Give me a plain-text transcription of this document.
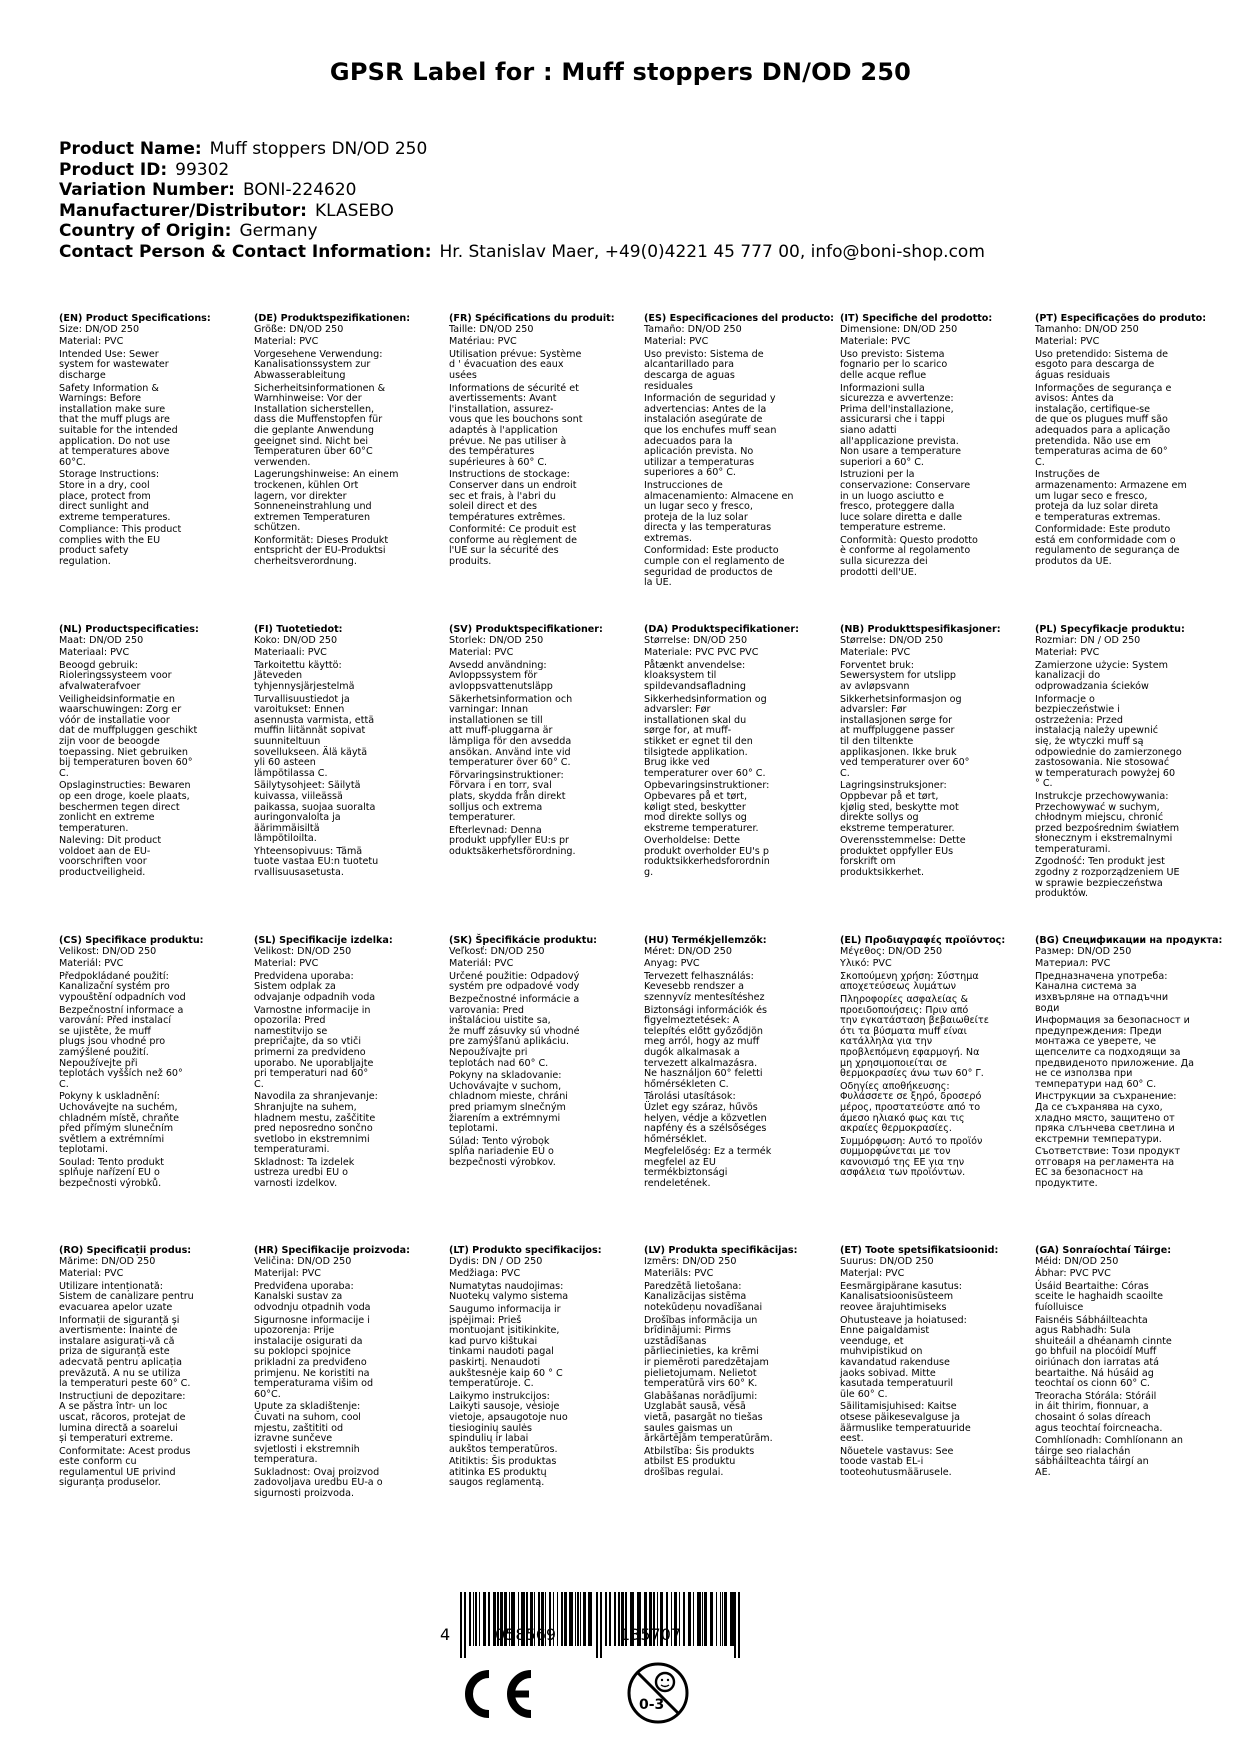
GPSR Label for : Muff stoppers DN/OD 250
Product Name: Muff stoppers DN/OD 250
Product ID: 99302
Variation Number: BONI-224620
Manufacturer/Distributor: KLASEBO
Country of Origin: Germany
Contact Person & Contact Information: Hr. Stanislav Maer, +49(0)4221 45 777 00, info@boni-shop.com
(EN) Product Specifications:
Size: DN/OD 250
Material: PVC
Intended Use: Sewer
system for wastewater
discharge
Safety Information &
Warnings: Before
installation make sure
that the muff plugs are
suitable for the intended
application. Do not use
at temperatures above
60°C.
Storage Instructions:
Store in a dry, cool
place, protect from
direct sunlight and
extreme temperatures.
Compliance: This product
complies with the EU
product safety
regulation.
(DE) Produktspezifikationen:
Größe: DN/OD 250
Material: PVC
Vorgesehene Verwendung:
Kanalisationssystem zur
Abwasserableitung
Sicherheitsinformationen &
Warnhinweise: Vor der
Installation sicherstellen,
dass die Muffenstopfen für
die geplante Anwendung
geeignet sind. Nicht bei
Temperaturen über 60°C
verwenden.
Lagerungshinweise: An einem
trockenen, kühlen Ort
lagern, vor direkter
Sonneneinstrahlung und
extremen Temperaturen
schützen.
Konformität: Dieses Produkt
entspricht der EU-Produktsi
cherheitsverordnung.
(FR) Spécifications du produit:
Taille: DN/OD 250
Matériau: PVC
Utilisation prévue: Système
d ' évacuation des eaux
usées
Informations de sécurité et
avertissements: Avant
l'installation, assurez-
vous que les bouchons sont
adaptés à l'application
prévue. Ne pas utiliser à
des températures
supérieures à 60° C.
Instructions de stockage:
Conserver dans un endroit
sec et frais, à l'abri du
soleil direct et des
températures extrêmes.
Conformité: Ce produit est
conforme au règlement de
l'UE sur la sécurité des
produits.
(ES) Especificaciones del producto:
Tamaño: DN/OD 250
Material: PVC
Uso previsto: Sistema de
alcantarillado para
descarga de aguas
residuales
Información de seguridad y
advertencias: Antes de la
instalación asegúrate de
que los enchufes muff sean
adecuados para la
aplicación prevista. No
utilizar a temperaturas
superiores a 60° C.
Instrucciones de
almacenamiento: Almacene en
un lugar seco y fresco,
proteja de la luz solar
directa y las temperaturas
extremas.
Conformidad: Este producto
cumple con el reglamento de
seguridad de productos de
la UE.
(IT) Specifiche del prodotto:
Dimensione: DN/OD 250
Materiale: PVC
Uso previsto: Sistema
fognario per lo scarico
delle acque reflue
Informazioni sulla
sicurezza e avvertenze:
Prima dell'installazione,
assicurarsi che i tappi
siano adatti
all'applicazione prevista.
Non usare a temperature
superiori a 60° C.
Istruzioni per la
conservazione: Conservare
in un luogo asciutto e
fresco, proteggere dalla
luce solare diretta e dalle
temperature estreme.
Conformità: Questo prodotto
è conforme al regolamento
sulla sicurezza dei
prodotti dell'UE.
(PT) Especificações do produto:
Tamanho: DN/OD 250
Material: PVC
Uso pretendido: Sistema de
esgoto para descarga de
águas residuais
Informações de segurança e
avisos: Antes da
instalação, certifique-se
de que os plugues muff são
adequados para a aplicação
pretendida. Não use em
temperaturas acima de 60°
C.
Instruções de
armazenamento: Armazene em
um lugar seco e fresco,
proteja da luz solar direta
e temperaturas extremas.
Conformidade: Este produto
está em conformidade com o
regulamento de segurança de
produtos da UE.
(NL) Productspecificaties:
Maat: DN/OD 250
Materiaal: PVC
Beoogd gebruik:
Rioleringssysteem voor
afvalwaterafvoer
Veiligheidsinformatie en
waarschuwingen: Zorg er
vóór de installatie voor
dat de muffpluggen geschikt
zijn voor de beoogde
toepassing. Niet gebruiken
bij temperaturen boven 60°
C.
Opslaginstructies: Bewaren
op een droge, koele plaats,
beschermen tegen direct
zonlicht en extreme
temperaturen.
Naleving: Dit product
voldoet aan de EU-
voorschriften voor
productveiligheid.
(FI) Tuotetiedot:
Koko: DN/OD 250
Materiaali: PVC
Tarkoitettu käyttö:
Jäteveden
tyhjennysjärjestelmä
Turvallisuustiedot ja
varoitukset: Ennen
asennusta varmista, että
muffin liitännät sopivat
suunniteltuun
sovellukseen. Älä käytä
yli 60 asteen
lämpötilassa C.
Säilytysohjeet: Säilytä
kuivassa, viileässä
paikassa, suojaa suoralta
auringonvalolta ja
äärimmäisiltä
lämpötiloilta.
Yhteensopivuus: Tämä
tuote vastaa EU:n tuotetu
rvallisuusasetusta.
(SV) Produktspecifikationer:
Storlek: DN/OD 250
Material: PVC
Avsedd användning:
Avloppssystem för
avloppsvattenutsläpp
Säkerhetsinformation och
varningar: Innan
installationen se till
att muff-pluggarna är
lämpliga för den avsedda
ansökan. Använd inte vid
temperaturer över 60° C.
Förvaringsinstruktioner:
Förvara i en torr, sval
plats, skydda från direkt
solljus och extrema
temperaturer.
Efterlevnad: Denna
produkt uppfyller EU:s pr
oduktsäkerhetsförordning.
(DA) Produktspecifikationer:
Størrelse: DN/OD 250
Materiale: PVC PVC PVC
Påtænkt anvendelse:
kloaksystem til
spildevandsafladning
Sikkerhedsinformation og
advarsler: Før
installationen skal du
sørge for, at muff-
stikket er egnet til den
tilsigtede applikation.
Brug ikke ved
temperaturer over 60° C.
Opbevaringsinstruktioner:
Opbevares på et tørt,
køligt sted, beskytter
mod direkte sollys og
ekstreme temperaturer.
Overholdelse: Dette
produkt overholder EU's p
roduktsikkerhedsforordnin
g.
(NB) Produkttspesifikasjoner:
Størrelse: DN/OD 250
Materiale: PVC
Forventet bruk:
Sewersystem for utslipp
av avløpsvann
Sikkerhetsinformasjon og
advarsler: Før
installasjonen sørge for
at muffpluggene passer
til den tiltenkte
applikasjonen. Ikke bruk
ved temperaturer over 60°
C.
Lagringsinstruksjoner:
Oppbevar på et tørt,
kjølig sted, beskytte mot
direkte sollys og
ekstreme temperaturer.
Overensstemmelse: Dette
produktet oppfyller EUs
forskrift om
produktsikkerhet.
(PL) Specyfikacje produktu:
Rozmiar: DN / OD 250
Materiał: PVC
Zamierzone użycie: System
kanalizacji do
odprowadzania ścieków
Informacje o
bezpieczeństwie i
ostrzeżenia: Przed
instalacją należy upewnić
się, że wtyczki muff są
odpowiednie do zamierzonego
zastosowania. Nie stosować
w temperaturach powyżej 60
° C.
Instrukcje przechowywania:
Przechowywać w suchym,
chłodnym miejscu, chronić
przed bezpośrednim światłem
słonecznym i ekstremalnymi
temperaturami.
Zgodność: Ten produkt jest
zgodny z rozporządzeniem UE
w sprawie bezpieczeństwa
produktów.
(CS) Specifikace produktu:
Velikost: DN/OD 250
Materiál: PVC
Předpokládané použití:
Kanalizační systém pro
vypouštění odpadních vod
Bezpečnostní informace a
varování: Před instalací
se ujistěte, že muff
plugs jsou vhodné pro
zamýšlené použití.
Nepoužívejte při
teplotách vyšších než 60°
C.
Pokyny k uskladnění:
Uchovávejte na suchém,
chladném místě, chraňte
před přímým slunečním
světlem a extrémními
teplotami.
Soulad: Tento produkt
splňuje nařízení EU o
bezpečnosti výrobků.
(SL) Specifikacije izdelka:
Velikost: DN/OD 250
Material: PVC
Predvidena uporaba:
Sistem odplak za
odvajanje odpadnih voda
Varnostne informacije in
opozorila: Pred
namestitvijo se
prepričajte, da so vtiči
primerni za predvideno
uporabo. Ne uporabljajte
pri temperaturi nad 60°
C.
Navodila za shranjevanje:
Shranjujte na suhem,
hladnem mestu, zaščitite
pred neposredno sončno
svetlobo in ekstremnimi
temperaturami.
Skladnost: Ta izdelek
ustreza uredbi EU o
varnosti izdelkov.
(SK) Špecifikácie produktu:
Veľkosť: DN/OD 250
Materiál: PVC
Určené použitie: Odpadový
systém pre odpadové vody
Bezpečnostné informácie a
varovania: Pred
inštaláciou uistite sa,
že muff zásuvky sú vhodné
pre zamýšľanú aplikáciu.
Nepoužívajte pri
teplotách nad 60° C.
Pokyny na skladovanie:
Uchovávajte v suchom,
chladnom mieste, chráni
pred priamym slnečným
žiarením a extrémnymi
teplotami.
Súlad: Tento výrobok
spĺňa nariadenie EÚ o
bezpečnosti výrobkov.
(HU) Termékjellemzők:
Méret: DN/OD 250
Anyag: PVC
Tervezett felhasználás:
Kevesebb rendszer a
szennyvíz mentesítéshez
Biztonsági információk és
figyelmeztetések: A
telepítés előtt győződjön
meg arról, hogy az muff
dugók alkalmasak a
tervezett alkalmazásra.
Ne használjon 60° feletti
hőmérsékleten C.
Tárolási utasítások:
Üzlet egy száraz, hűvös
helyen, védje a közvetlen
napfény és a szélsőséges
hőmérséklet.
Megfelelőség: Ez a termék
megfelel az EU
termékbiztonsági
rendeletének.
(EL) Προδιαγραφές προϊόντος:
Μέγεθος: DN/OD 250
Υλικό: PVC
Σκοπούμενη χρήση: Σύστημα
αποχετεύσεως λυμάτων
Πληροφορίες ασφαλείας &
προειδοποιήσεις: Πριν από
την εγκατάσταση βεβαιωθείτε
ότι τα βύσματα muff είναι
κατάλληλα για την
προβλεπόμενη εφαρμογή. Να
μη χρησιμοποιείται σε
θερμοκρασίες άνω των 60° Γ.
Οδηγίες αποθήκευσης:
Φυλάσσετε σε ξηρό, δροσερό
μέρος, προστατεύστε από το
άμεσο ηλιακό φως και τις
ακραίες θερμοκρασίες.
Συμμόρφωση: Αυτό το προϊόν
συμμορφώνεται με τον
κανονισμό της ΕΕ για την
ασφάλεια των προϊόντων.
(BG) Спецификации на продукта:
Размер: DN/OD 250
Материал: PVC
Предназначена употреба:
Канална система за
изхвърляне на отпадъчни
води
Информация за безопасност и
предупреждения: Преди
монтажа се уверете, че
щепселите са подходящи за
предвиденото приложение. Да
не се използва при
температури над 60° C.
Инструкции за съхранение:
Да се съхранява на сухо,
хладно място, защитено от
пряка слънчева светлина и
екстремни температури.
Съответствие: Този продукт
отговаря на регламента на
ЕС за безопасност на
продуктите.
(RO) Specificații produs:
Mărime: DN/OD 250
Material: PVC
Utilizare intenționată:
Sistem de canalizare pentru
evacuarea apelor uzate
Informații de siguranță și
avertismente: Înainte de
instalare asigurați-vă că
priza de siguranță este
adecvată pentru aplicația
prevăzută. A nu se utiliza
la temperaturi peste 60° C.
Instrucțiuni de depozitare:
A se păstra într- un loc
uscat, răcoros, protejat de
lumina directă a soarelui
și temperaturi extreme.
Conformitate: Acest produs
este conform cu
regulamentul UE privind
siguranța produselor.
(HR) Specifikacije proizvoda:
Veličina: DN/OD 250
Materijal: PVC
Predviđena uporaba:
Kanalski sustav za
odvodnju otpadnih voda
Sigurnosne informacije i
upozorenja: Prije
instalacije osigurati da
su poklopci spojnice
prikladni za predviđeno
primjenu. Ne koristiti na
temperaturama višim od
60°C.
Upute za skladištenje:
Čuvati na suhom, cool
mjestu, zaštititi od
izravne sunčeve
svjetlosti i ekstremnih
temperatura.
Sukladnost: Ovaj proizvod
zadovoljava uredbu EU-a o
sigurnosti proizvoda.
(LT) Produkto specifikacijos:
Dydis: DN / OD 250
Medžiaga: PVC
Numatytas naudojimas:
Nuotekų valymo sistema
Saugumo informacija ir
įspėjimai: Prieš
montuojant įsitikinkite,
kad purvo kištukai
tinkami naudoti pagal
paskirtį. Nenaudoti
aukštesnėje kaip 60 ° C
temperatūroje. C.
Laikymo instrukcijos:
Laikyti sausoje, vėsioje
vietoje, apsaugotoje nuo
tiesioginių saulės
spindulių ir labai
aukštos temperatūros.
Atitiktis: Šis produktas
atitinka ES produktų
saugos reglamentą.
(LV) Produkta specifikācijas:
Izmērs: DN/OD 250
Materiāls: PVC
Paredzētā lietošana:
Kanalizācijas sistēma
notekūdeņu novadīšanai
Drošības informācija un
brīdinājumi: Pirms
uzstādīšanas
pārliecinieties, ka krēmi
ir piemēroti paredzētajam
pielietojumam. Nelietot
temperatūrā virs 60° K.
Glabāšanas norādījumi:
Uzglabāt sausā, vēsā
vietā, pasargāt no tiešas
saules gaismas un
ārkārtējām temperatūrām.
Atbilstība: Šis produkts
atbilst ES produktu
drošības regulai.
(ET) Toote spetsifikatsioonid:
Suurus: DN/OD 250
Materjal: PVC
Eesmärgipärane kasutus:
Kanalisatsioonisüsteem
reovee ärajuhtimiseks
Ohutusteave ja hoiatused:
Enne paigaldamist
veenduge, et
muhvipistikud on
kavandatud rakenduse
jaoks sobivad. Mitte
kasutada temperatuuril
üle 60° C.
Säilitamisjuhised: Kaitse
otsese päikesevalguse ja
äärmuslike temperatuuride
eest.
Nõuetele vastavus: See
toode vastab EL-i
tooteohutusmäärusele.
(GA) Sonraíochtaí Táirge:
Méid: DN/OD 250
Ábhar: PVC PVC
Úsáid Beartaithe: Córas
sceite le haghaidh scaoilte
fuíolluisce
Faisnéis Sábháilteachta
agus Rabhadh: Sula
shuiteáil a dhéanamh cinnte
go bhfuil na plocóidí Muff
oiriúnach don iarratas atá
beartaithe. Ná húsáid ag
teochtaí os cionn 60° C.
Treoracha Stórála: Stóráil
in áit thirim, fionnuar, a
chosaint ó solas díreach
agus teochtaí foircneacha.
Comhlíonadh: Comhlíonann an
táirge seo rialachán
sábháilteachta táirgí an
AE.
4	058569	135707
0-3
